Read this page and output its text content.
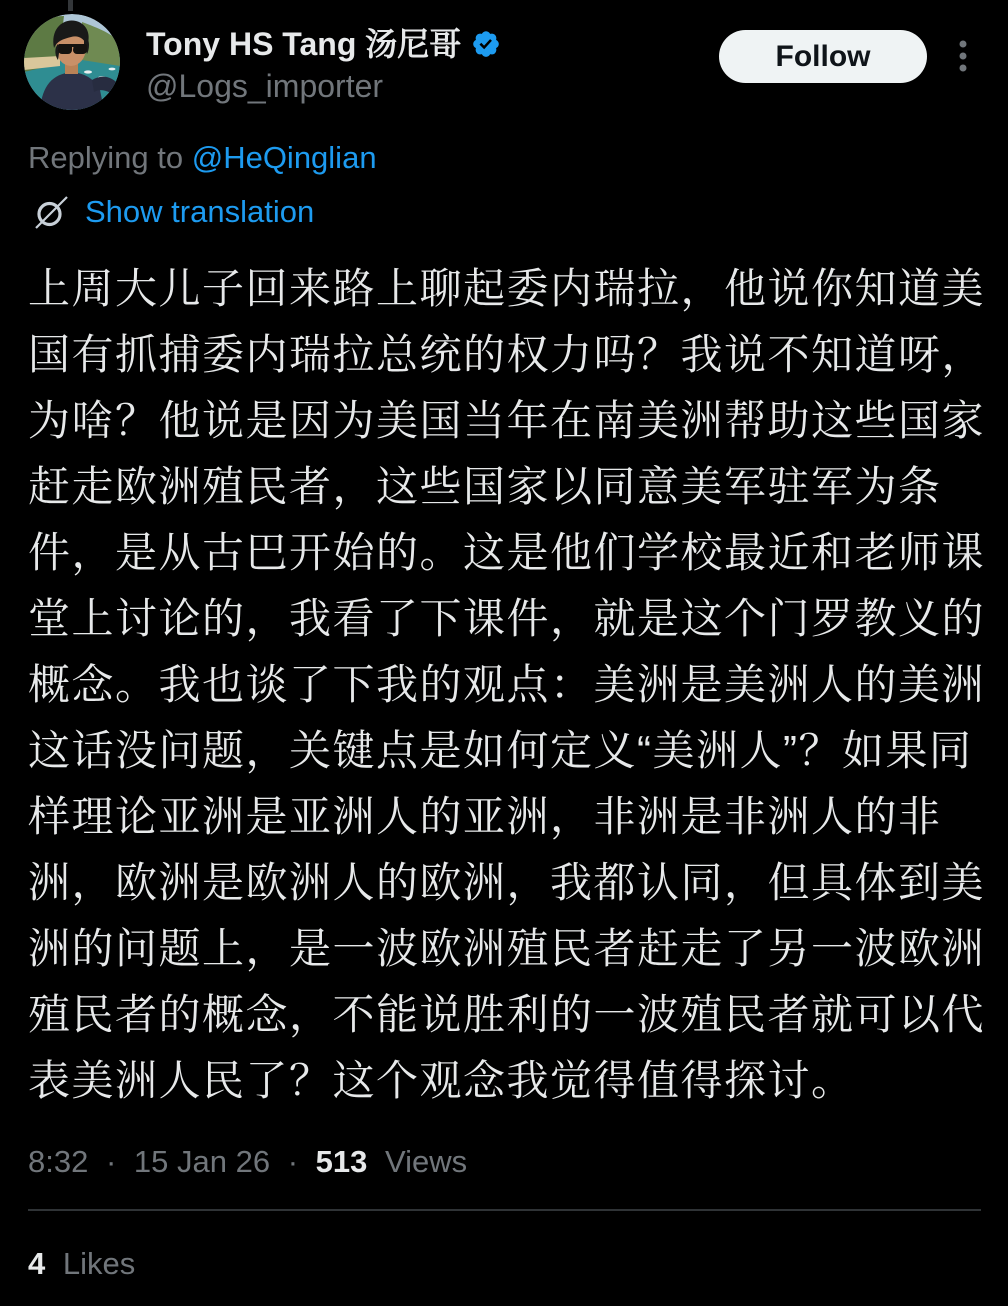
Tony HS Tang 汤尼哥
@Logs_importer
Follow
Replying to @HeQinglian
Show translation
上周大儿子回来路上聊起委内瑞拉，他说你知道美
国有抓捕委内瑞拉总统的权力吗？我说不知道呀，
为啥？他说是因为美国当年在南美洲帮助这些国家
赶走欧洲殖民者，这些国家以同意美军驻军为条
件，是从古巴开始的。这是他们学校最近和老师课
堂上讨论的，我看了下课件，就是这个门罗教义的
概念。我也谈了下我的观点：美洲是美洲人的美洲
这话没问题，关键点是如何定义“美洲人”？如果同
样理论亚洲是亚洲人的亚洲，非洲是非洲人的非
洲，欧洲是欧洲人的欧洲，我都认同，但具体到美
洲的问题上，是一波欧洲殖民者赶走了另一波欧洲
殖民者的概念，不能说胜利的一波殖民者就可以代
表美洲人民了？这个观念我觉得值得探讨。
8:32 · 15 Jan 26 · 513 Views
4 Likes
